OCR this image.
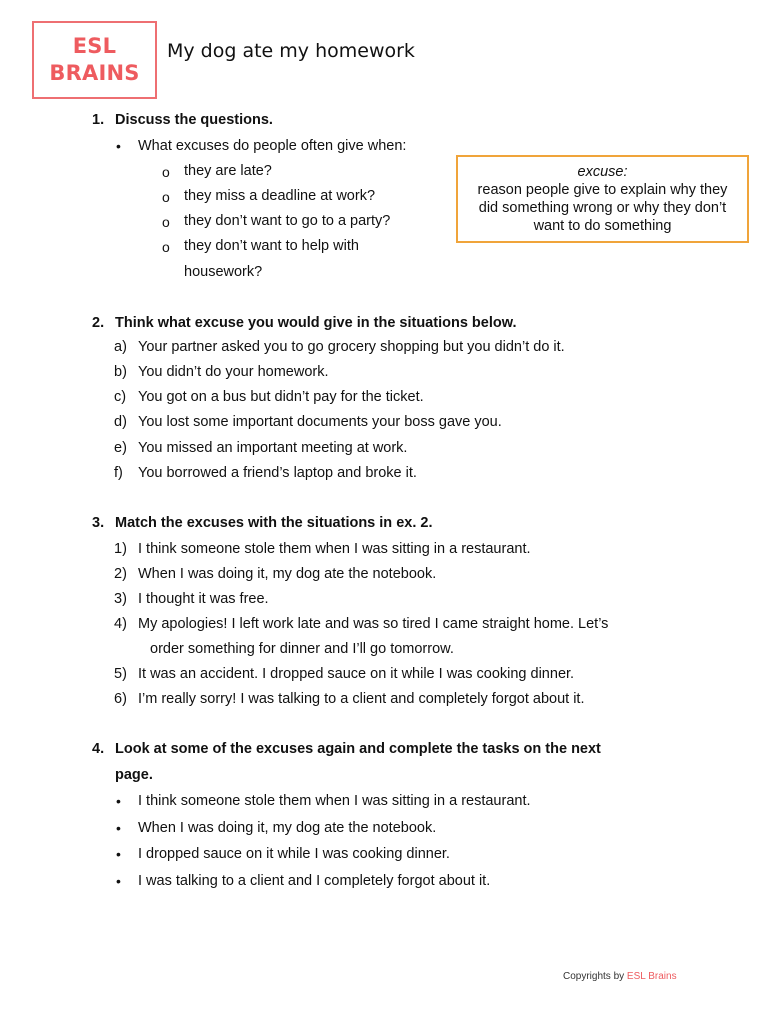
ESL
BRAINS
My dog ate my homework
1. Discuss the questions.
• What excuses do people often give when:
o they are late?
o they miss a deadline at work?
o they don’t want to go to a party?
o they don’t want to help with
housework?
excuse:
reason people give to explain why they
did something wrong or why they don’t
want to do something
2. Think what excuse you would give in the situations below.
a) Your partner asked you to go grocery shopping but you didn’t do it.
b) You didn’t do your homework.
c) You got on a bus but didn’t pay for the ticket.
d) You lost some important documents your boss gave you.
e) You missed an important meeting at work.
f) You borrowed a friend’s laptop and broke it.
3. Match the excuses with the situations in ex. 2.
1) I think someone stole them when I was sitting in a restaurant.
2) When I was doing it, my dog ate the notebook.
3) I thought it was free.
4) My apologies! I left work late and was so tired I came straight home. Let’s
order something for dinner and I’ll go tomorrow.
5) It was an accident. I dropped sauce on it while I was cooking dinner.
6) I’m really sorry! I was talking to a client and completely forgot about it.
4. Look at some of the excuses again and complete the tasks on the next
page.
• I think someone stole them when I was sitting in a restaurant.
• When I was doing it, my dog ate the notebook.
• I dropped sauce on it while I was cooking dinner.
• I was talking to a client and I completely forgot about it.
Copyrights by ESL Brains
